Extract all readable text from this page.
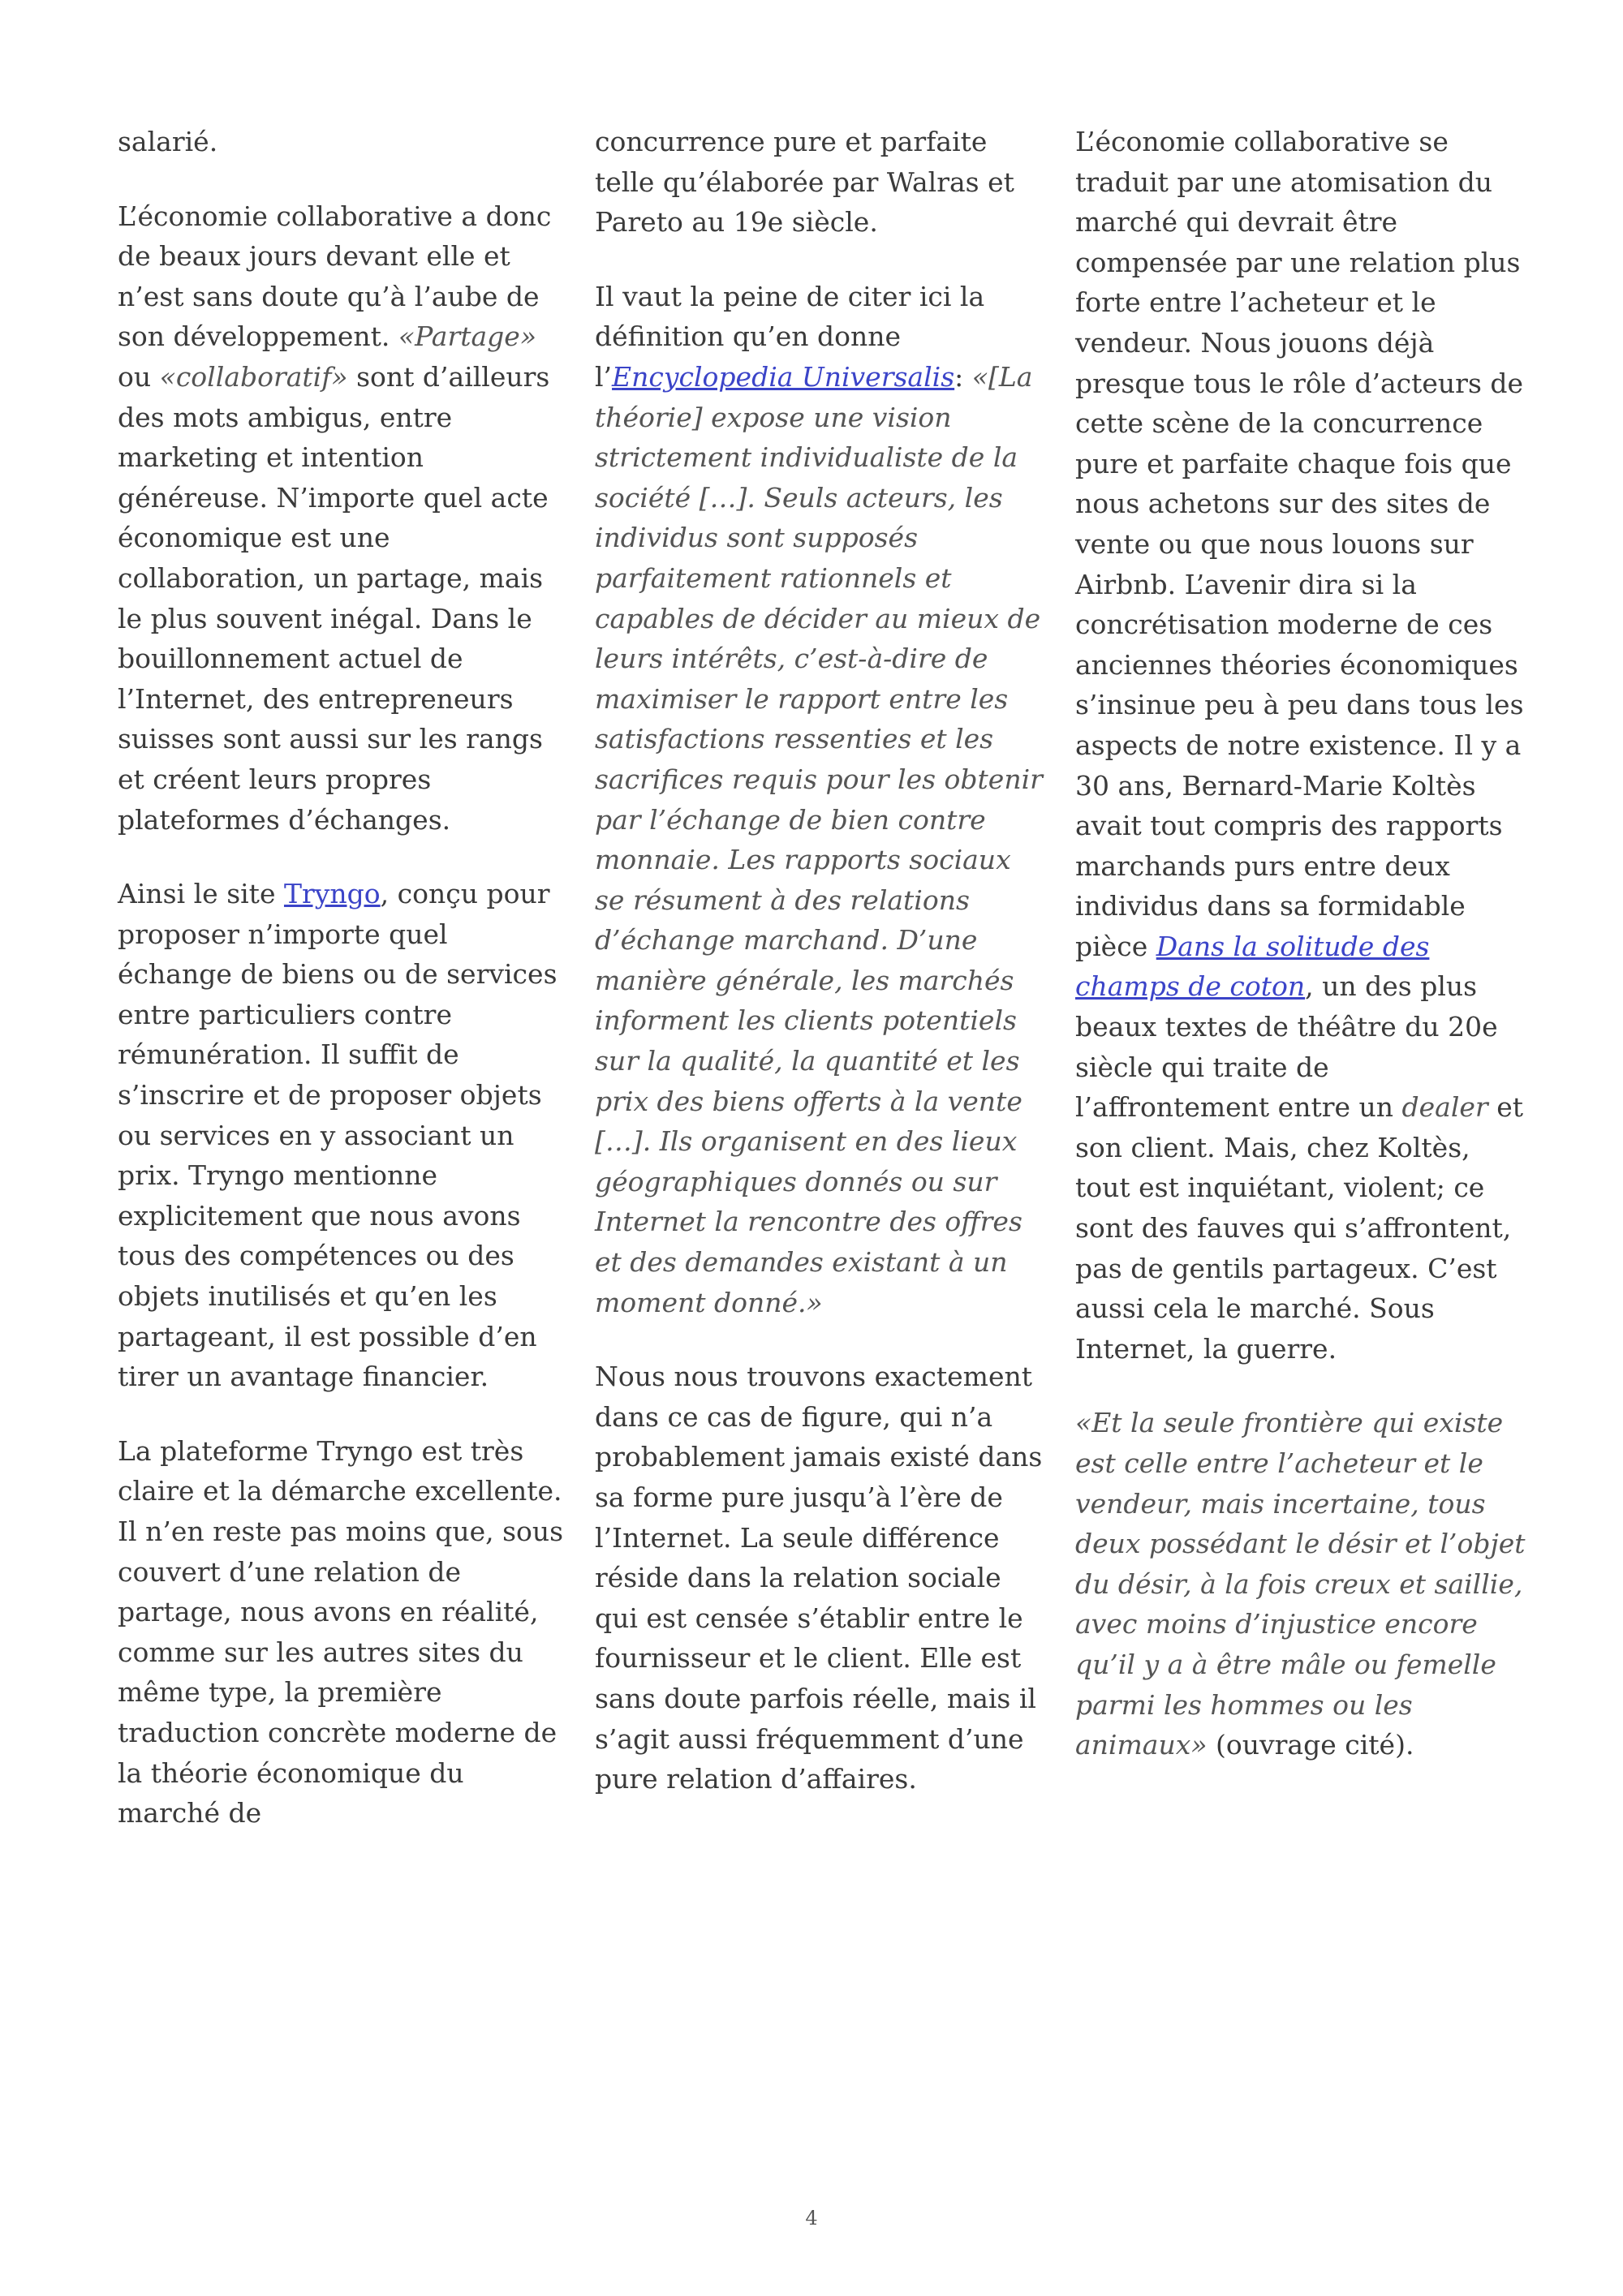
salarié.

L’économie collaborative a donc de beaux jours devant elle et n’est sans doute qu’à l’aube de son développement. «Partage» ou «collaboratif» sont d’ailleurs des mots ambigus, entre marketing et intention généreuse. N’importe quel acte économique est une collaboration, un partage, mais le plus souvent inégal. Dans le bouillonnement actuel de l’Internet, des entrepreneurs suisses sont aussi sur les rangs et créent leurs propres plateformes d’échanges.

Ainsi le site Tryngo, conçu pour proposer n’importe quel échange de biens ou de services entre particuliers contre rémunération. Il suffit de s’inscrire et de proposer objets ou services en y associant un prix. Tryngo mentionne explicitement que nous avons tous des compétences ou des objets inutilisés et qu’en les partageant, il est possible d’en tirer un avantage financier.

La plateforme Tryngo est très claire et la démarche excellente. Il n’en reste pas moins que, sous couvert d’une relation de partage, nous avons en réalité, comme sur les autres sites du même type, la première traduction concrète moderne de la théorie économique du marché de

concurrence pure et parfaite telle qu’élaborée par Walras et Pareto au 19e siècle.

Il vaut la peine de citer ici la définition qu’en donne l’Encyclopedia Universalis: «[La théorie] expose une vision strictement individualiste de la société […]. Seuls acteurs, les individus sont supposés parfaitement rationnels et capables de décider au mieux de leurs intérêts, c’est-à-dire de maximiser le rapport entre les satisfactions ressenties et les sacrifices requis pour les obtenir par l’échange de bien contre monnaie. Les rapports sociaux se résument à des relations d’échange marchand. D’une manière générale, les marchés informent les clients potentiels sur la qualité, la quantité et les prix des biens offerts à la vente […]. Ils organisent en des lieux géographiques donnés ou sur Internet la rencontre des offres et des demandes existant à un moment donné.»

Nous nous trouvons exactement dans ce cas de figure, qui n’a probablement jamais existé dans sa forme pure jusqu’à l’ère de l’Internet. La seule différence réside dans la relation sociale qui est censée s’établir entre le fournisseur et le client. Elle est sans doute parfois réelle, mais il s’agit aussi fréquemment d’une pure relation d’affaires.

L’économie collaborative se traduit par une atomisation du marché qui devrait être compensée par une relation plus forte entre l’acheteur et le vendeur. Nous jouons déjà presque tous le rôle d’acteurs de cette scène de la concurrence pure et parfaite chaque fois que nous achetons sur des sites de vente ou que nous louons sur Airbnb. L’avenir dira si la concrétisation moderne de ces anciennes théories économiques s’insinue peu à peu dans tous les aspects de notre existence. Il y a 30 ans, Bernard-Marie Koltès avait tout compris des rapports marchands purs entre deux individus dans sa formidable pièce Dans la solitude des champs de coton, un des plus beaux textes de théâtre du 20e siècle qui traite de l’affrontement entre un dealer et son client. Mais, chez Koltès, tout est inquiétant, violent; ce sont des fauves qui s’affrontent, pas de gentils partageux. C’est aussi cela le marché. Sous Internet, la guerre.

«Et la seule frontière qui existe est celle entre l’acheteur et le vendeur, mais incertaine, tous deux possédant le désir et l’objet du désir, à la fois creux et saillie, avec moins d’injustice encore qu’il y a à être mâle ou femelle parmi les hommes ou les animaux» (ouvrage cité).

4
